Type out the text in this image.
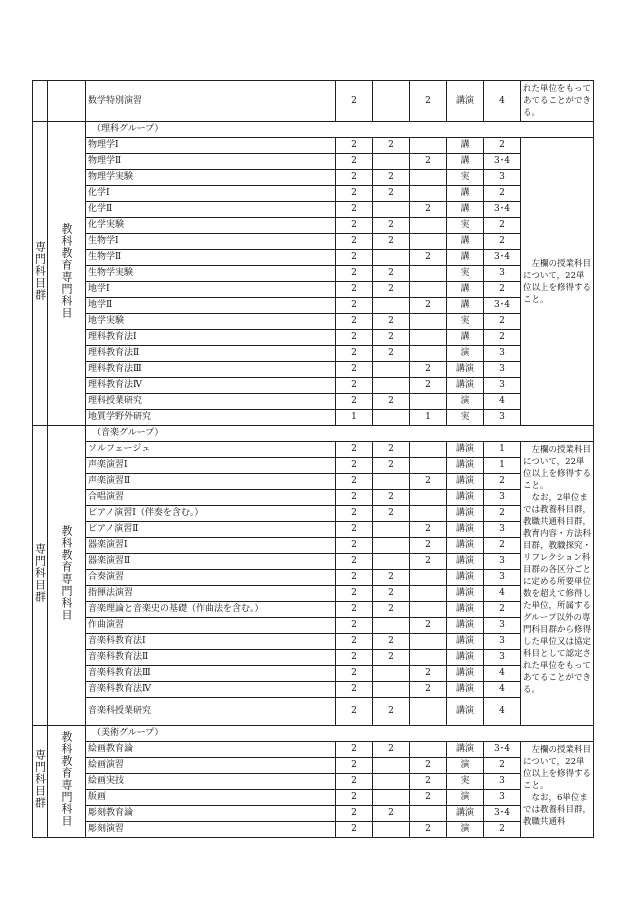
		数学特別演習	2		2	講演	4	れた単位をもってあてることができる。
専門科目群	教科教育専門科目	（理科グループ）						
		物理学Ⅰ	2	2		講	2	左欄の授業科目について，22単位以上を修得すること。

		物理学Ⅱ	2		2	講	3･4	
		物理学実験	2	2		実	3	
		化学Ⅰ	2	2		講	2	
		化学Ⅱ	2		2	講	3･4	
		化学実験	2	2		実	2	
		生物学Ⅰ	2	2		講	2	
		生物学Ⅱ	2		2	講	3･4	
		生物学実験	2	2		実	3	
		地学Ⅰ	2	2		講	2	
		地学Ⅱ	2		2	講	3･4	
		地学実験	2	2		実	2	
		理科教育法Ⅰ	2	2		講	2	
		理科教育法Ⅱ	2	2		演	3	
		理科教育法Ⅲ	2		2	講演	3	
		理科教育法Ⅳ	2		2	講演	3	
		理科授業研究	2	2		演	4	
		地質学野外研究	1		1	実	3	
専門科目群	教科教育専門科目	（音楽グループ）						
		ソルフェージュ	2	2		講演	1	左欄の授業科目について，22単位以上を修得すること。
なお，2単位までは教養科目群，教職共通科目群，教育内容・方法科目群，教職探究・リフレクション科目群の各区分ごとに定める所要単位数を超えて修得した単位，所属するグループ以外の専門科目群から修得した単位又は協定科目として認定された単位をもってあてることができる。

		声楽演習Ⅰ	2	2		講演	1	
		声楽演習Ⅱ	2		2	講演	2	
		合唱演習	2	2		講演	3	
		ピアノ演習Ⅰ（伴奏を含む。）	2	2		講演	2	
		ピアノ演習Ⅱ	2		2	講演	3	
		器楽演習Ⅰ	2		2	講演	2	
		器楽演習Ⅱ	2		2	講演	3	
		合奏演習	2	2		講演	3	
		指揮法演習	2	2		講演	4	
		音楽理論と音楽史の基礎（作曲法を含む。）	2	2		講演	2	
		作曲演習	2		2	講演	3	
		音楽科教育法Ⅰ	2	2		講演	3	
		音楽科教育法Ⅱ	2	2		講演	3	
		音楽科教育法Ⅲ	2		2	講演	4	
		音楽科教育法Ⅳ	2		2	講演	4	
		音楽科授業研究	2	2		講演	4	
専門科目群	教科教育専門科目	（美術グループ）						
		絵画教育論	2	2		講演	3･4	左欄の授業科目について，22単位以上を修得すること。
なお，6単位までは教養科目群，教職共通科

		絵画演習	2		2	演	2	
		絵画実技	2		2	実	3	
		版画	2		2	演	3	
		彫刻教育論	2	2		講演	3･4	
		彫刻演習	2		2	演	2	
